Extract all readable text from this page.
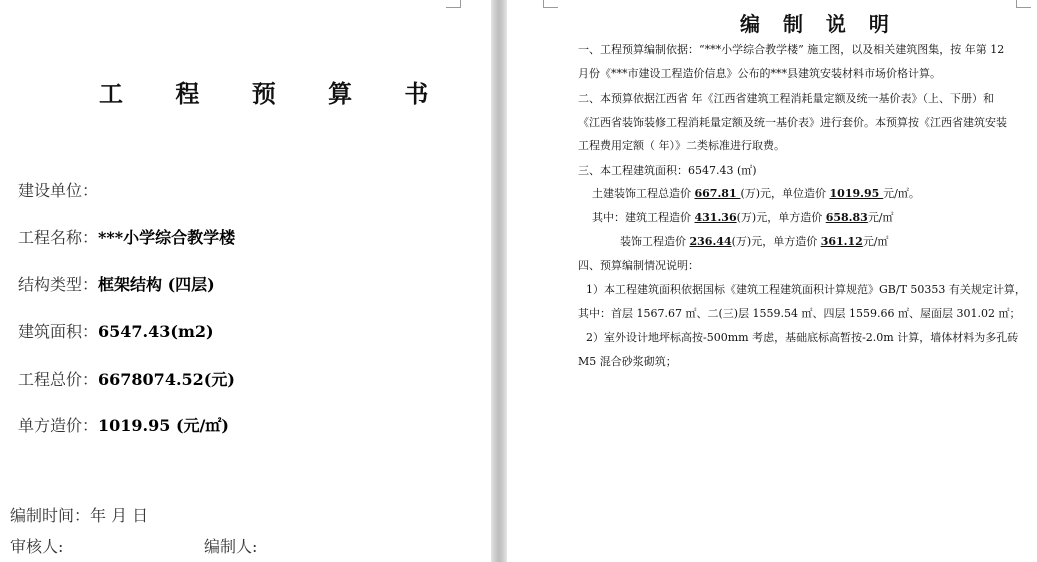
工 程 预 算 书
建设单位：
工程名称：***小学综合教学楼
结构类型：框架结构 (四层)
建筑面积：6547.43(m2)
工程总价：6678074.52(元)
单方造价：1019.95 (元/㎡)
编制时间：年 月 日
审核人:	编制人:
编 制 说 明
一、工程预算编制依据：“***小学综合教学楼” 施工图，以及相关建筑图集，按 年第 12
月份《***市建设工程造价信息》公布的***县建筑安装材料市场价格计算。
二、本预算依据江西省 年《江西省建筑工程消耗量定额及统一基价表》（上、下册）和
《江西省装饰装修工程消耗量定额及统一基价表》进行套价。本预算按《江西省建筑安装
工程费用定额（ 年）》二类标准进行取费。
三、本工程建筑面积：6547.43 (㎡)
土建装饰工程总造价 667.81 (万)元，单位造价 1019.95 元/㎡。
其中：建筑工程造价 431.36(万)元，单方造价 658.83元/㎡
装饰工程造价 236.44(万)元，单方造价 361.12元/㎡
四、预算编制情况说明：
1）本工程建筑面积依据国标《建筑工程建筑面积计算规范》GB/T 50353 有关规定计算，
其中：首层 1567.67 ㎡、二(三)层 1559.54 ㎡、四层 1559.66 ㎡、屋面层 301.02 ㎡；
2）室外设计地坪标高按-500mm 考虑，基础底标高暂按-2.0m 计算，墙体材料为多孔砖
M5 混合砂浆砌筑；
